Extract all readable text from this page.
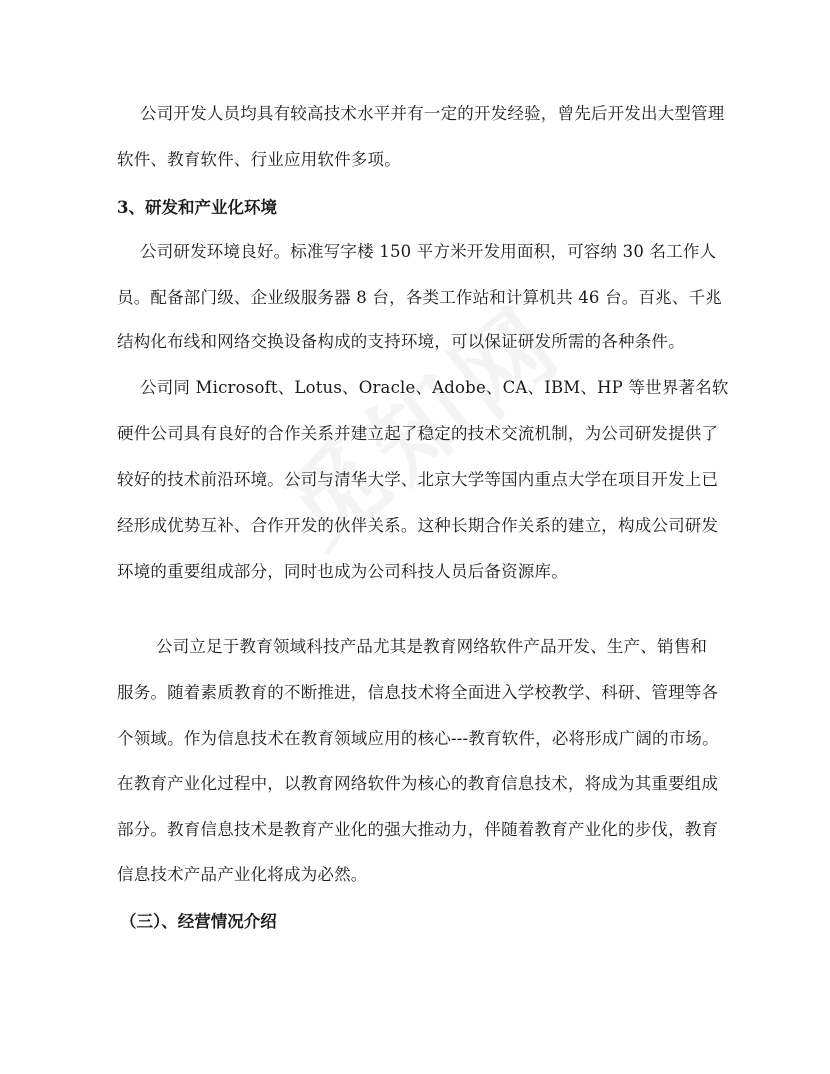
公司开发人员均具有较高技术水平并有一定的开发经验，曾先后开发出大型管理
软件、教育软件、行业应用软件多项。
3、研发和产业化环境
公司研发环境良好。标准写字楼 150 平方米开发用面积，可容纳 30 名工作人
员。配备部门级、企业级服务器 8 台，各类工作站和计算机共 46 台。百兆、千兆
结构化布线和网络交换设备构成的支持环境，可以保证研发所需的各种条件。
公司同 Microsoft、Lotus、Oracle、Adobe、CA、IBM、HP 等世界著名软
硬件公司具有良好的合作关系并建立起了稳定的技术交流机制，为公司研发提供了
较好的技术前沿环境。公司与清华大学、北京大学等国内重点大学在项目开发上已
经形成优势互补、合作开发的伙伴关系。这种长期合作关系的建立，构成公司研发
环境的重要组成部分，同时也成为公司科技人员后备资源库。
公司立足于教育领域科技产品尤其是教育网络软件产品开发、生产、销售和
服务。随着素质教育的不断推进，信息技术将全面进入学校教学、科研、管理等各
个领域。作为信息技术在教育领域应用的核心---教育软件，必将形成广阔的市场。
在教育产业化过程中，以教育网络软件为核心的教育信息技术，将成为其重要组成
部分。教育信息技术是教育产业化的强大推动力，伴随着教育产业化的步伐，教育
信息技术产品产业化将成为必然。
（三）、经营情况介绍
